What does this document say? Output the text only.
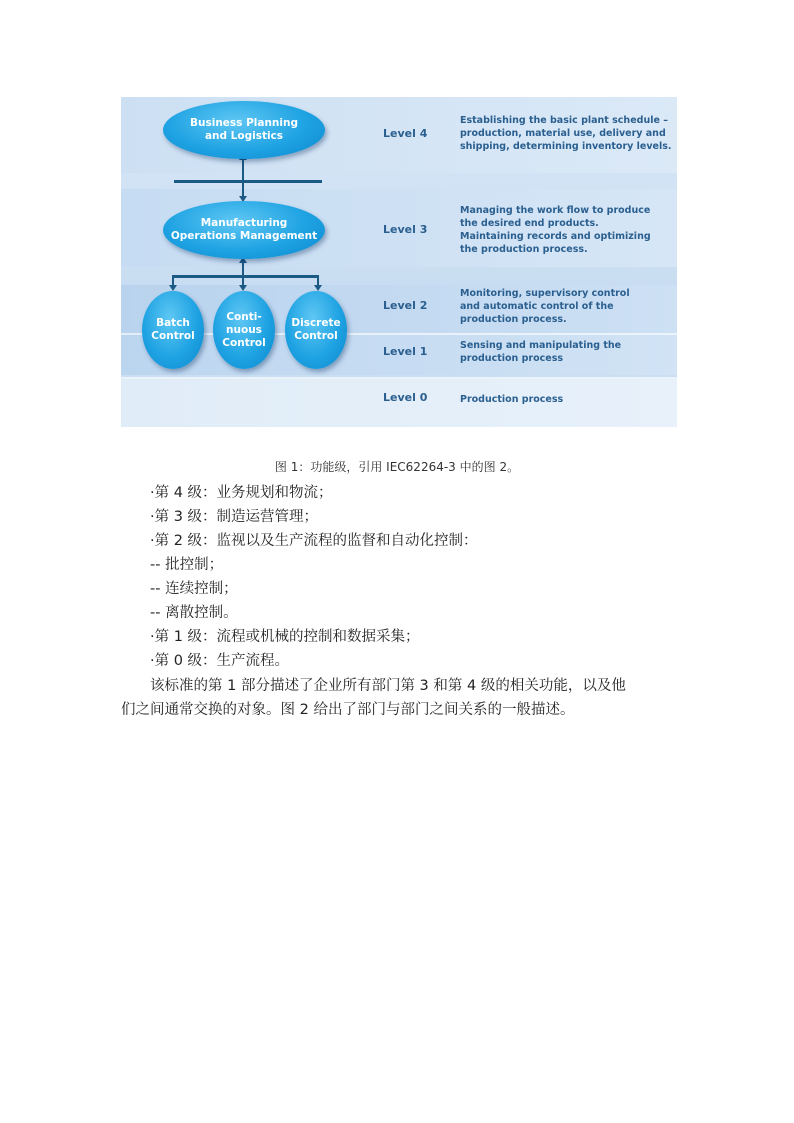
Business Planning
and Logistics
Manufacturing
Operations Management
Batch
Control
Conti-
nuous
Control
Discrete
Control
Level 4
Establishing the basic plant schedule
production, material use, delivery and
shipping, determining inventory levels.
Level 3
Managing the work flow to produce
the desired end products.
Maintaining records and optimizing
the production process.
Level 2
Monitoring, supervisory control
and automatic control of the
production process.
Level 1	Sensing and manipulating the
production process
Level 0	Production process
图 1：功能级，引用 IEC62264-3 中的图 2。
·第 4 级：业务规划和物流；
·第 3 级：制造运营管理；
·第 2 级：监视以及生产流程的监督和自动化控制：
-- 批控制；
-- 连续控制；
-- 离散控制。
·第 1 级：流程或机械的控制和数据采集；
·第 0 级：生产流程。
该标准的第 1 部分描述了企业所有部门第 3 和第 4 级的相关功能，以及他
们之间通常交换的对象。图 2 给出了部门与部门之间关系的一般描述。
